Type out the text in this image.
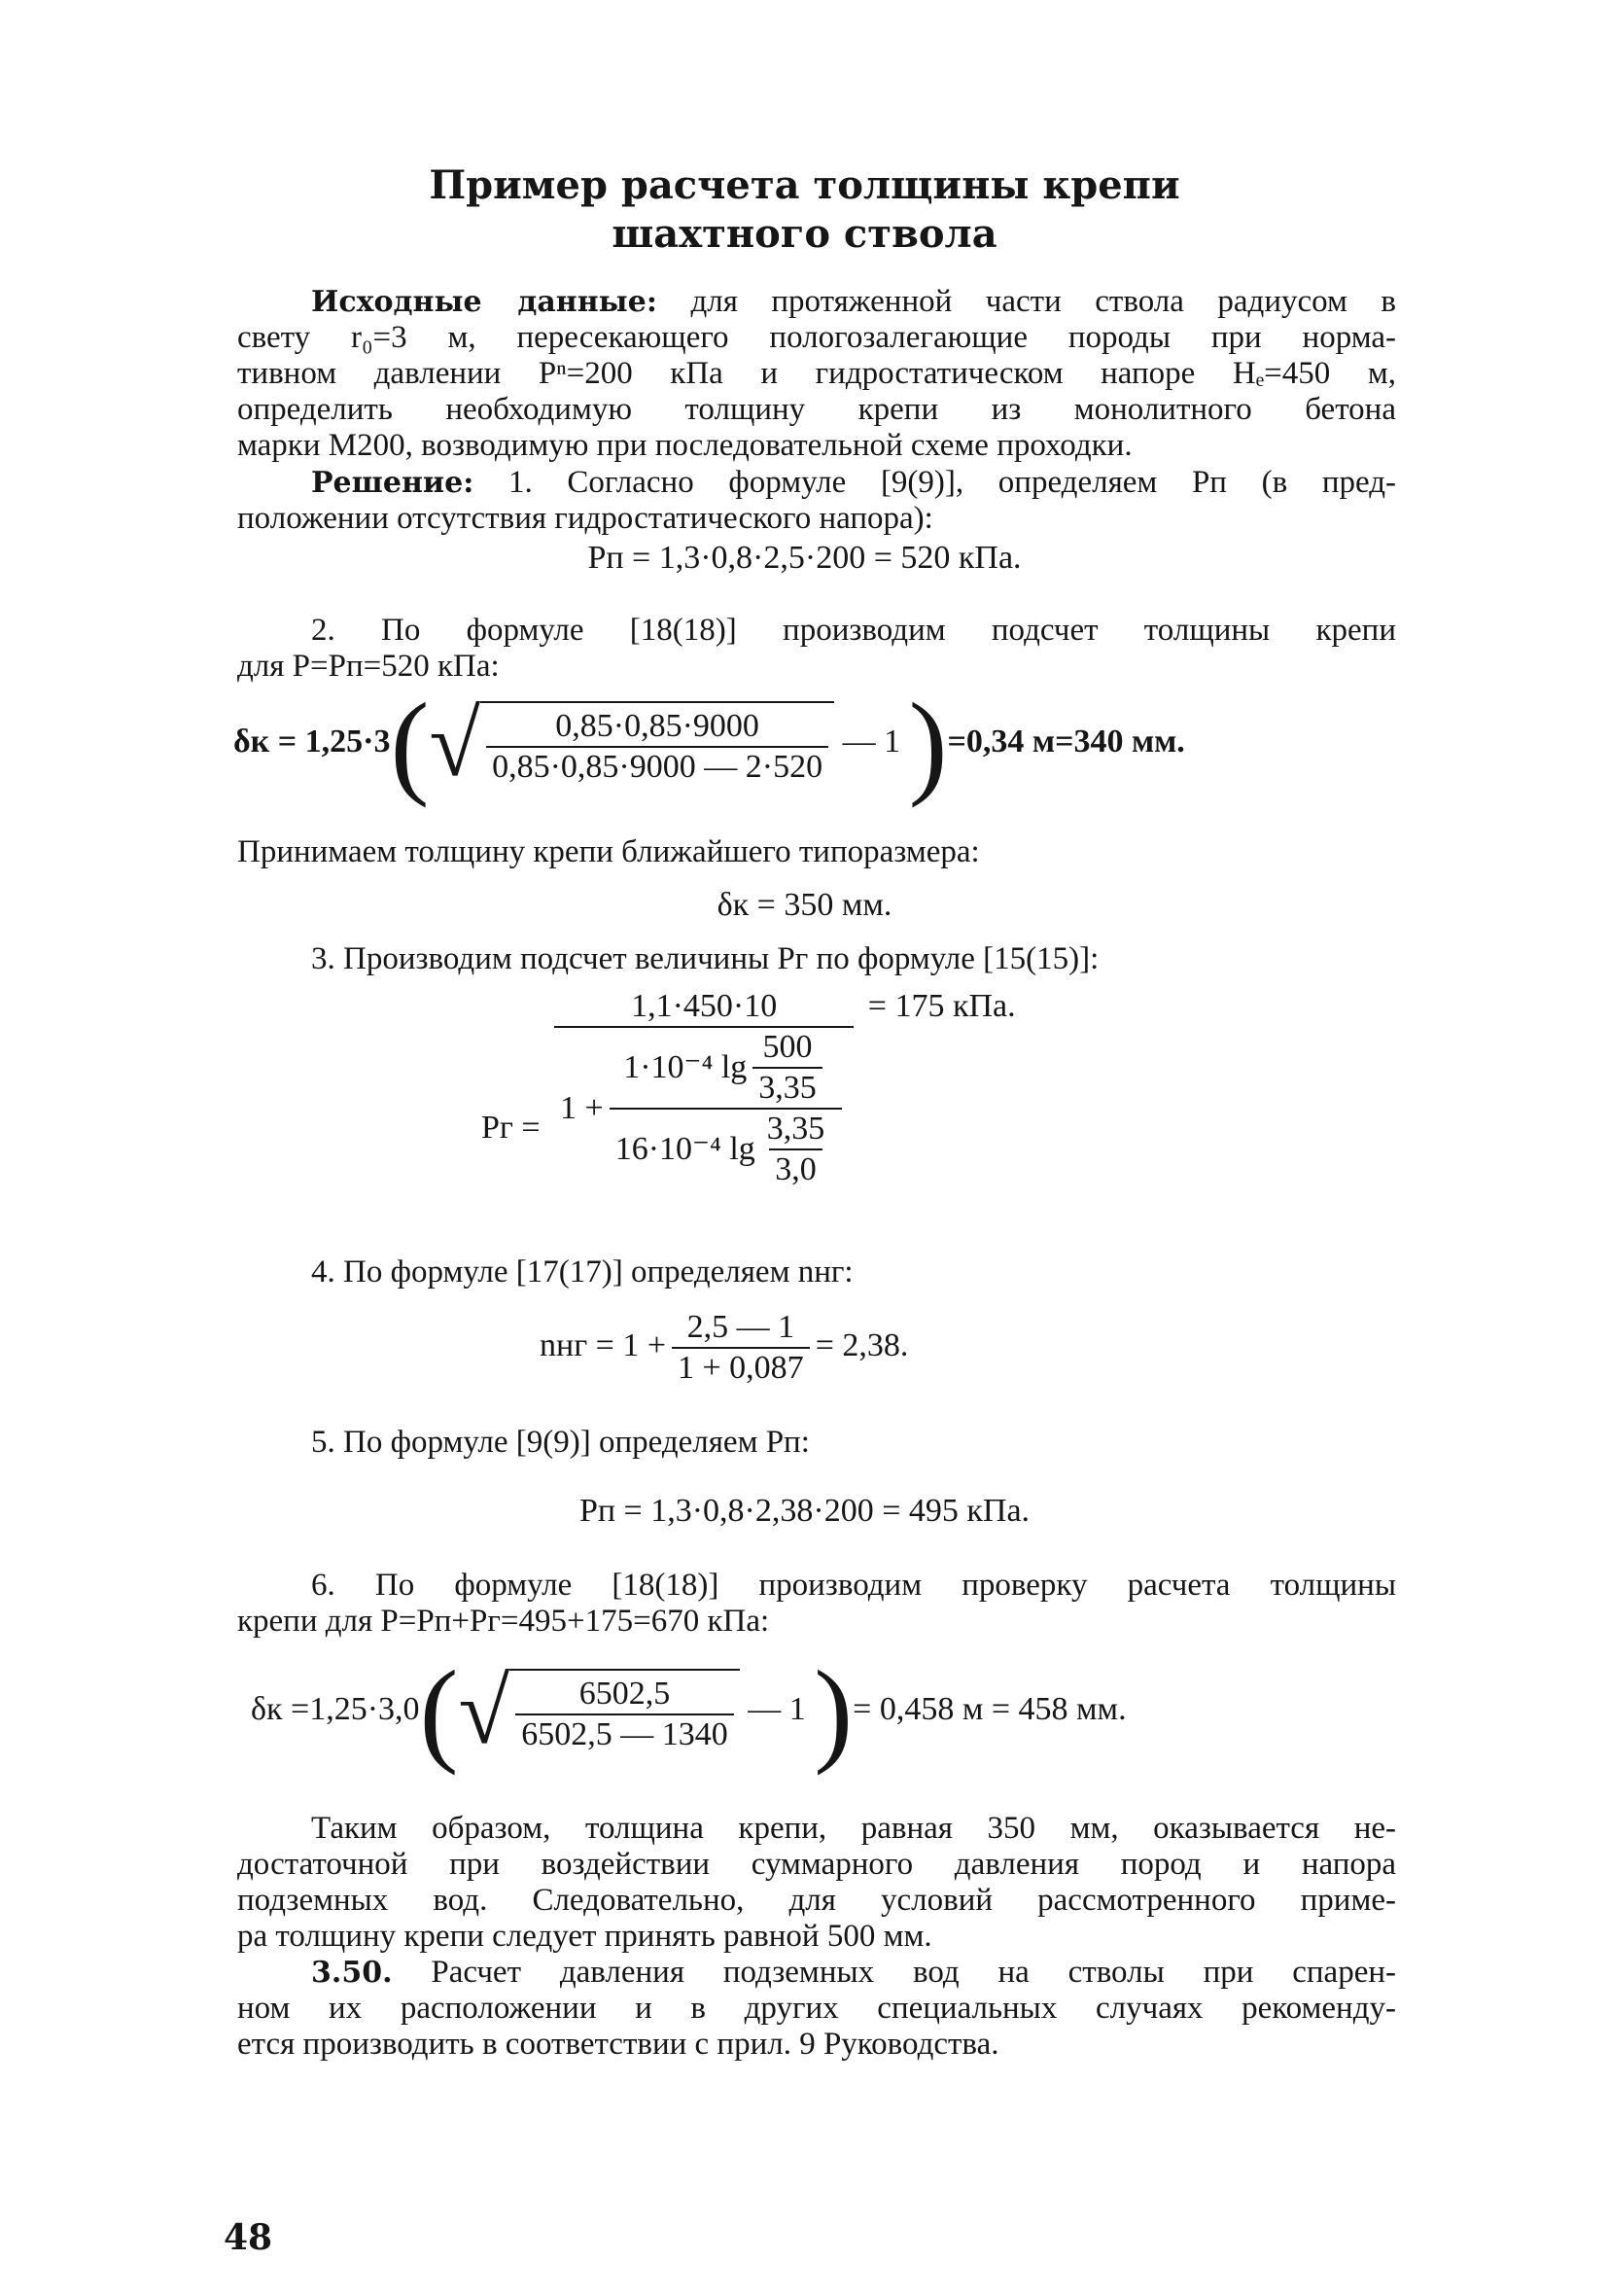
Пример расчета толщины крепи
шахтного ствола
Исходные данные: для протяженной части ствола радиусом в
свету r₀=3 м, пересекающего пологозалегающие породы при норма-
тивном давлении Pⁿ=200 кПа и гидростатическом напоре Hₑ=450 м,
определить необходимую толщину крепи из монолитного бетона
марки М200, возводимую при последовательной схеме проходки.
Решение: 1. Согласно формуле [9(9)], определяем Pп (в пред-
положении отсутствия гидростатического напора):
Pп = 1,3·0,8·2,5·200 = 520 кПа.
2. По формуле [18(18)] производим подсчет толщины крепи
для P=Pп=520 кПа:
$\delta к = 1,25\cdot 3(√ \frac{0,85\cdot 0,85\cdot 9000}{0,85\cdot 0,85\cdot 9000 — 2\cdot 520}$ — 1 )=0,34 м=340 мм.
Принимаем толщину крепи ближайшего типоразмера:
δк = 350 мм.
3. Производим подсчет величины Pг по формуле [15(15)]:
Pг =
1,1·450·10
$1 + \frac{1\cdot 10^{-4} \lg \frac{500}{3,35}}{16\cdot 10^{-4} \lg \frac{3,35}{3,0}}$
= 175 кПа.
4. По формуле [17(17)] определяем nнг:
nнг = $1 + \frac{2,5 — 1}{1 + 0,087} = 2,38$.
5. По формуле [9(9)] определяем Pп:
Pп = 1,3·0,8·2,38·200 = 495 кПа.
6. По формуле [18(18)] производим проверку расчета толщины
крепи для P=Pп+Pг=495+175=670 кПа:
$\delta к =1,25\cdot 3,0(√ \frac{6502,5}{6502,5 — 1340}$ — 1 )= 0,458 м = 458 мм.
Таким образом, толщина крепи, равная 350 мм, оказывается не-
достаточной при воздействии суммарного давления пород и напора
подземных вод. Следовательно, для условий рассмотренного приме-
ра толщину крепи следует принять равной 500 мм.
3.50. Расчет давления подземных вод на стволы при спарен-
ном их расположении и в других специальных случаях рекоменду-
ется производить в соответствии с прил. 9 Руководства.
48
